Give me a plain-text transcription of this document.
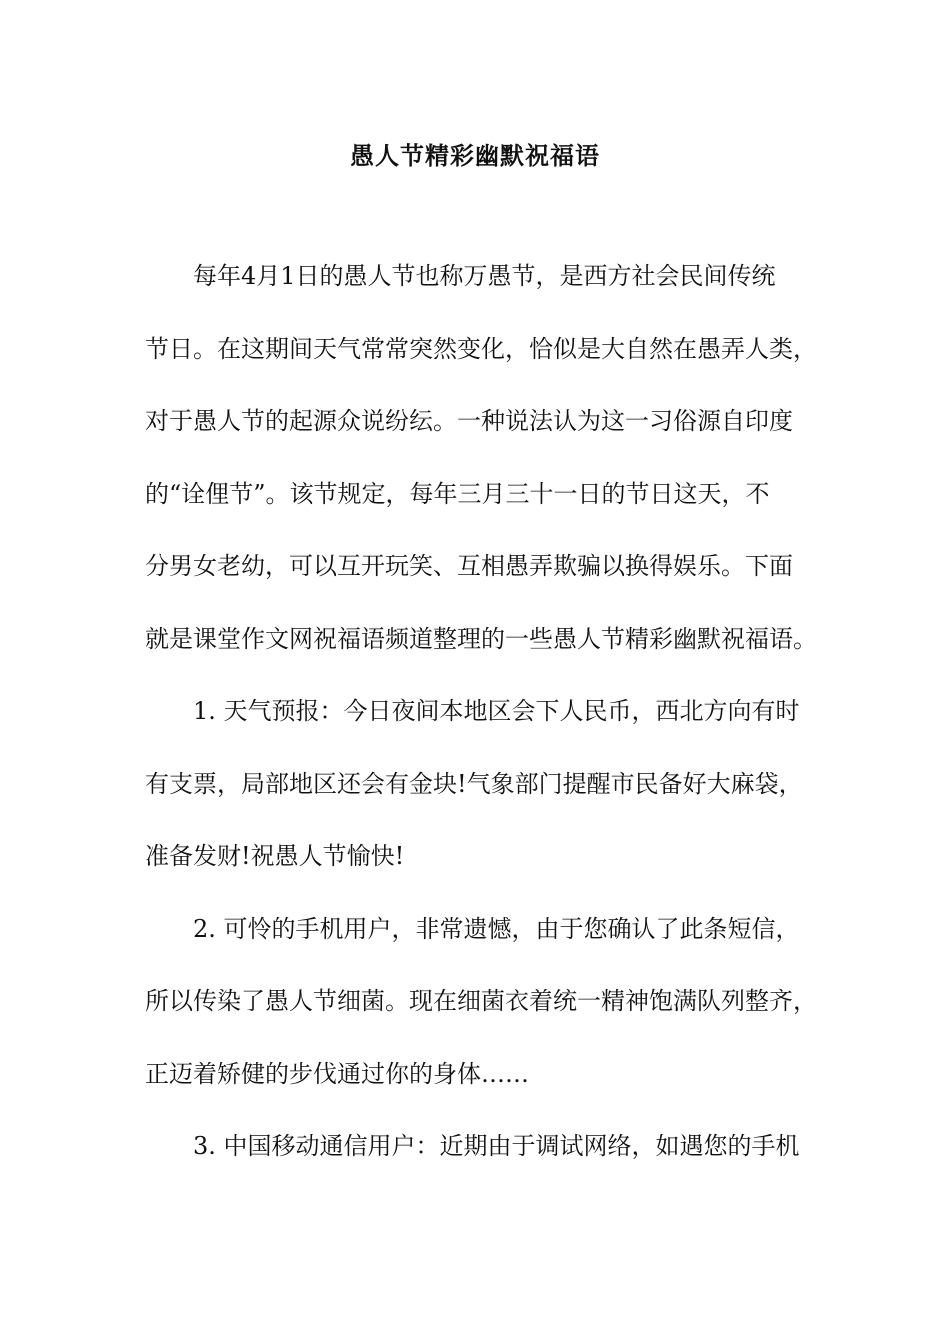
愚人节精彩幽默祝福语
每年4月1日的愚人节也称万愚节，是西方社会民间传统
节日。在这期间天气常常突然变化，恰似是大自然在愚弄人类，
对于愚人节的起源众说纷纭。一种说法认为这一习俗源自印度
的“诠俚节”。该节规定，每年三月三十一日的节日这天，不
分男女老幼，可以互开玩笑、互相愚弄欺骗以换得娱乐。下面
就是课堂作文网祝福语频道整理的一些愚人节精彩幽默祝福语。
1. 天气预报：今日夜间本地区会下人民币，西北方向有时
有支票，局部地区还会有金块!气象部门提醒市民备好大麻袋，
准备发财!祝愚人节愉快!
2. 可怜的手机用户，非常遗憾，由于您确认了此条短信，
所以传染了愚人节细菌。现在细菌衣着统一精神饱满队列整齐，
正迈着矫健的步伐通过你的身体……
3. 中国移动通信用户：近期由于调试网络，如遇您的手机
